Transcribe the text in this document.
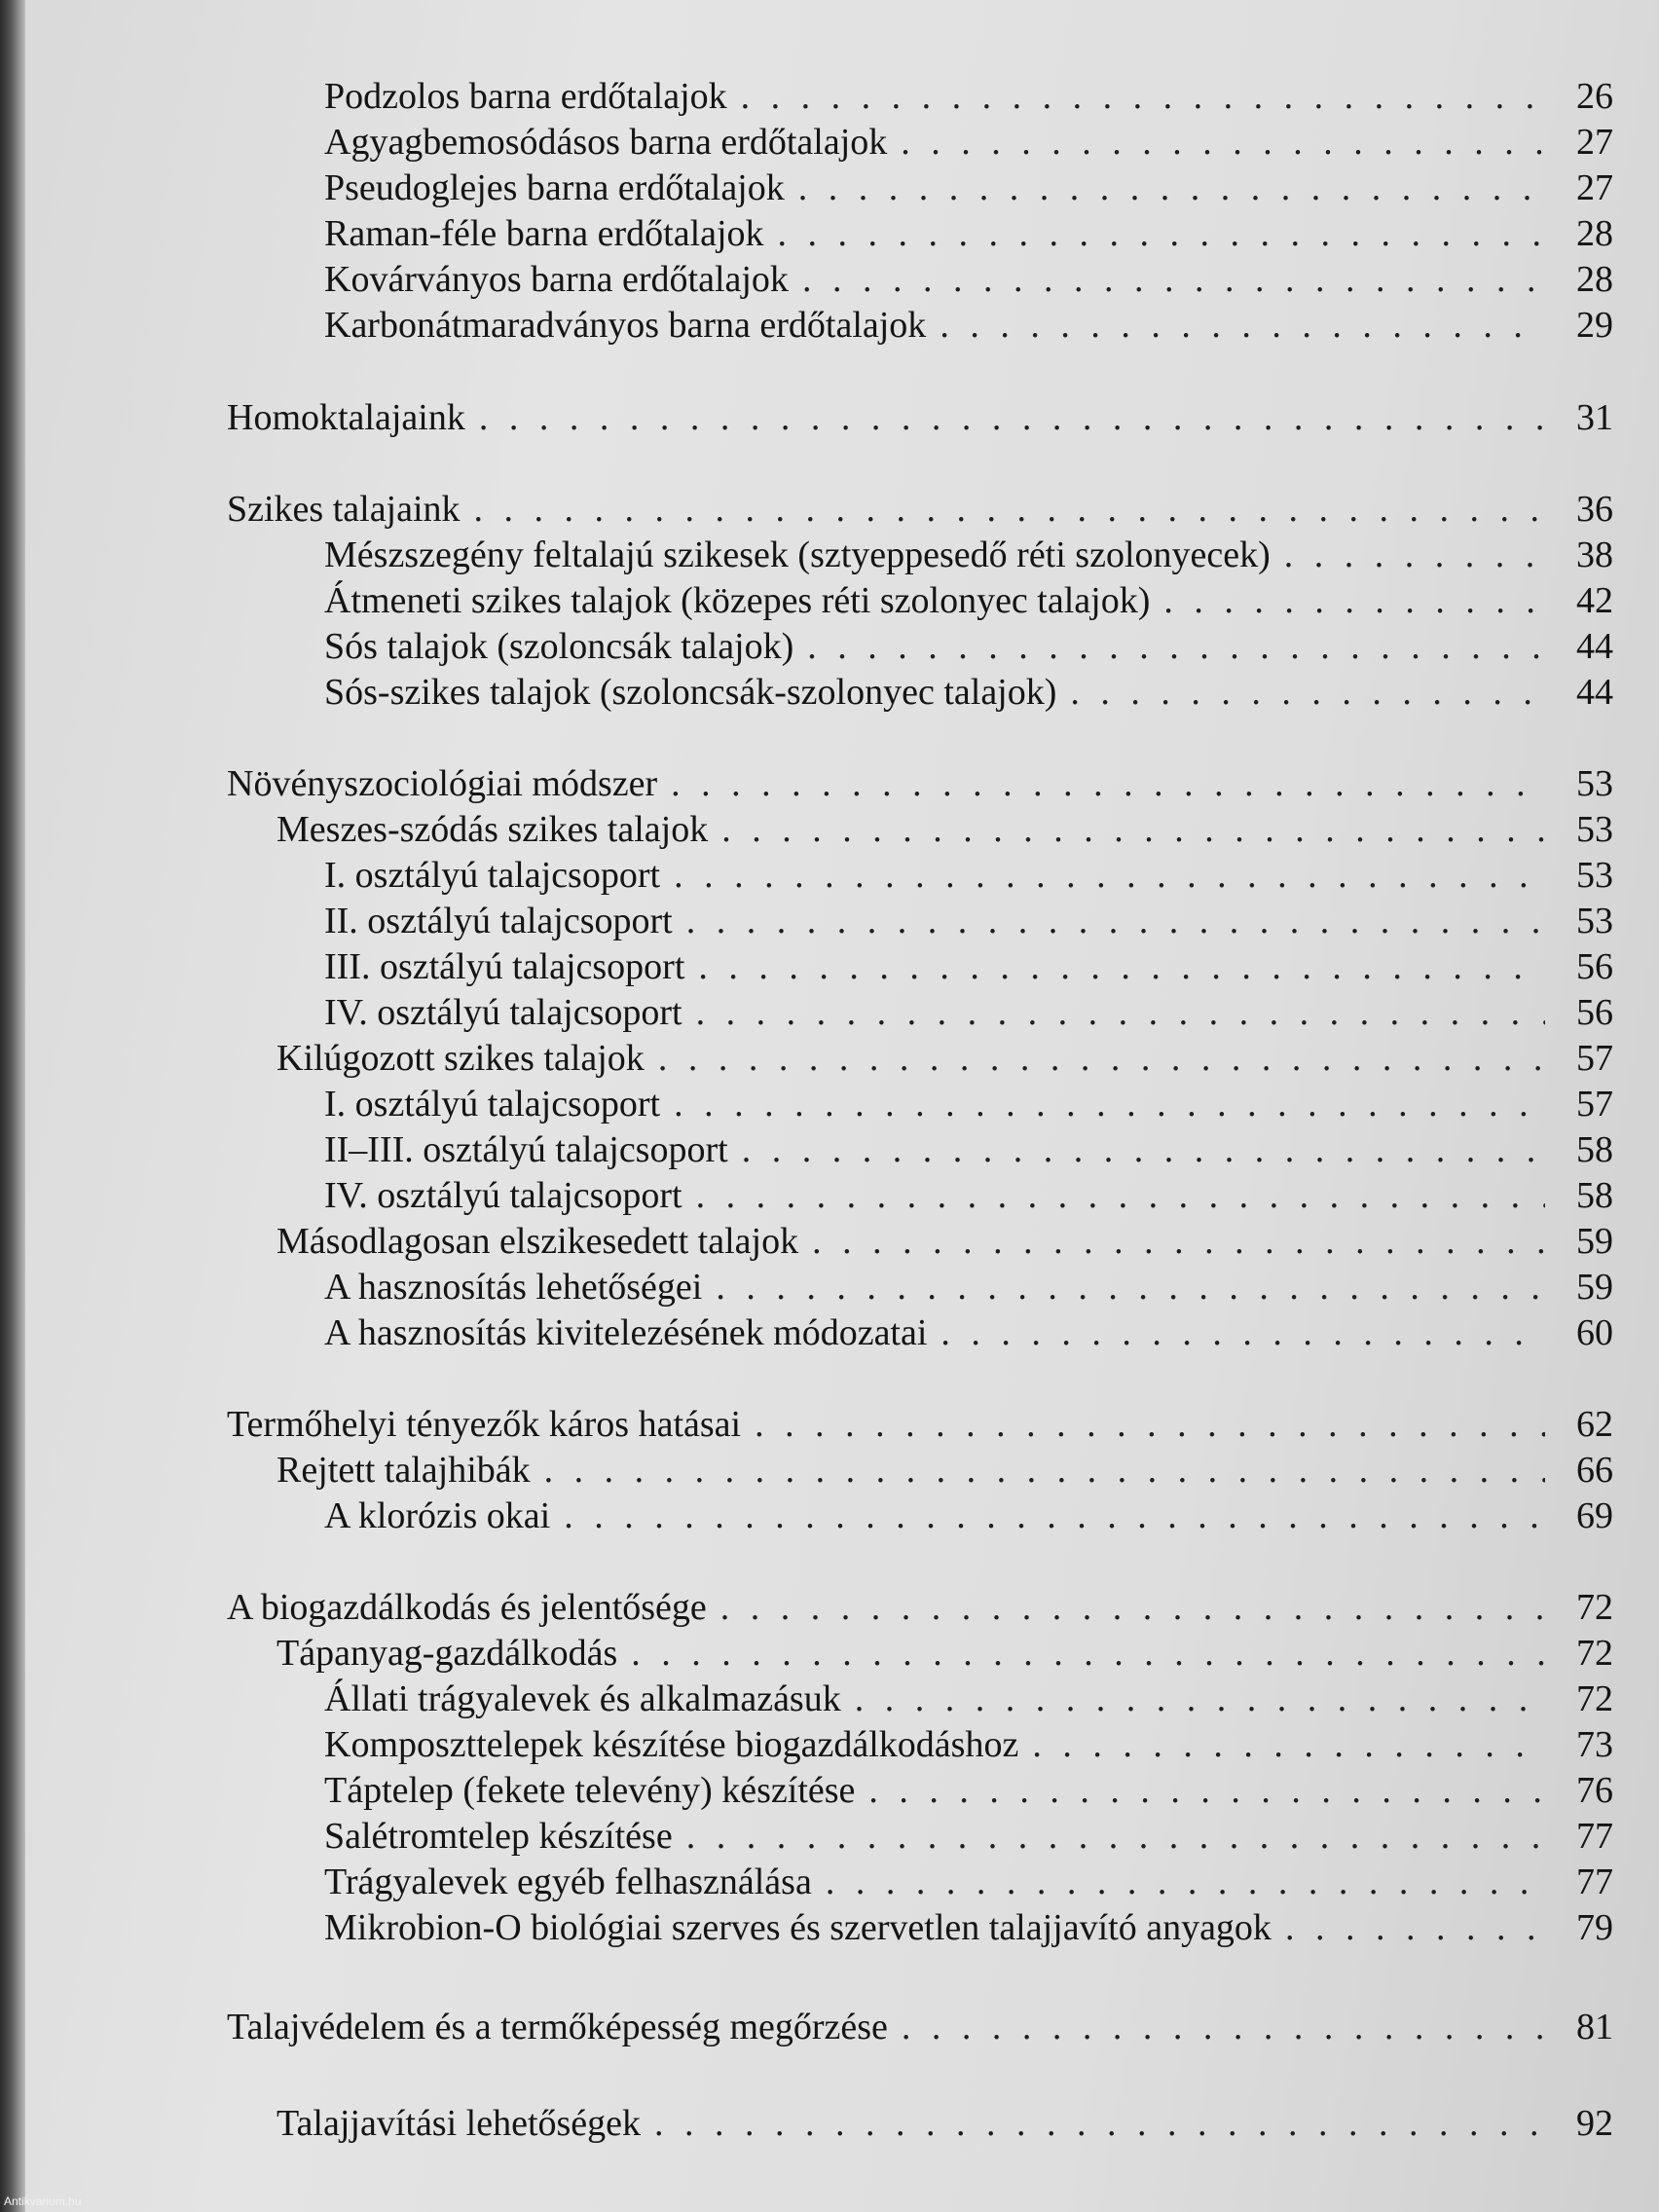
Podzolos barna erdőtalajok . . .	26
Agyagbemosódásos barna erdőtalajok . . .	27
Pseudoglejes barna erdőtalajok . . .	27
Raman-féle barna erdőtalajok . . .	28
Kovárványos barna erdőtalajok . . .	28
Karbonátmaradványos barna erdőtalajok . . .	29
Homoktalajaink . . .	31
Szikes talajaink . . .	36
Mészszegény feltalajú szikesek (sztyeppesedő réti szolonyecek) . . .	38
Átmeneti szikes talajok (közepes réti szolonyec talajok) . . .	42
Sós talajok (szoloncsák talajok) . . .	44
Sós-szikes talajok (szoloncsák-szolonyec talajok) . . .	44
Növényszociológiai módszer . . .	53
Meszes-szódás szikes talajok . . .	53
I. osztályú talajcsoport . . .	53
II. osztályú talajcsoport . . .	53
III. osztályú talajcsoport . . .	56
IV. osztályú talajcsoport . . .	56
Kilúgozott szikes talajok . . .	57
I. osztályú talajcsoport . . .	57
II–III. osztályú talajcsoport . . .	58
IV. osztályú talajcsoport . . .	58
Másodlagosan elszikesedett talajok . . .	59
A hasznosítás lehetőségei . . .	59
A hasznosítás kivitelezésének módozatai . . .	60
Termőhelyi tényezők káros hatásai . . .	62
Rejtett talajhibák . . .	66
A klorózis okai . . .	69
A biogazdálkodás és jelentősége . . .	72
Tápanyag-gazdálkodás . . .	72
Állati trágyalevek és alkalmazásuk . . .	72
Komposzttelepek készítése biogazdálkodáshoz . . .	73
Táptelep (fekete televény) készítése . . .	76
Salétromtelep készítése . . .	77
Trágyalevek egyéb felhasználása . . .	77
Mikrobion-O biológiai szerves és szervetlen talajjavító anyagok . . .	79
Talajvédelem és a termőképesség megőrzése . . .	81
Talajjavítási lehetőségek . . .	92
Antikvarium.hu
